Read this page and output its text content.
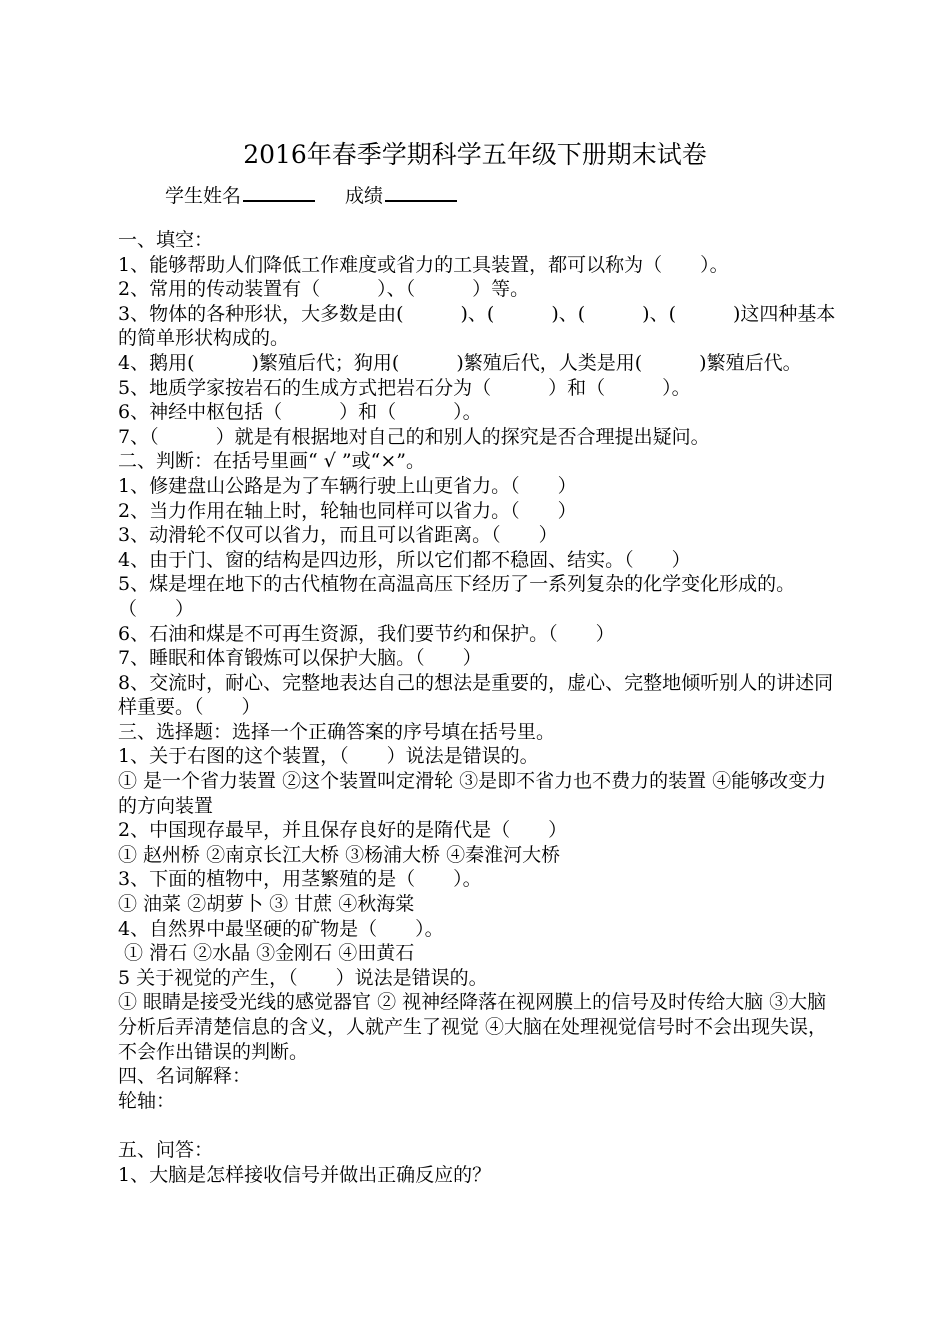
2016年春季学期科学五年级下册期末试卷
学生姓名	成绩
一、填空：
1、能够帮助人们降低工作难度或省力的工具装置，都可以称为（　　）。
2、常用的传动装置有（　　　）、（　　　）等。
3、物体的各种形状，大多数是由(　　　)、(　　　)、(　　　)、(　　　)这四种基本的简单形状构成的。
4、鹅用(　　　)繁殖后代；狗用(　　　)繁殖后代，人类是用(　　　)繁殖后代。
5、地质学家按岩石的生成方式把岩石分为（　　　）和（　　　）。
6、神经中枢包括（　　　）和（　　　）。
7、（　　　）就是有根据地对自己的和别人的探究是否合理提出疑问。
二、判断：在括号里画“ √ ”或“×”。
1、修建盘山公路是为了车辆行驶上山更省力。（　　）
2、当力作用在轴上时，轮轴也同样可以省力。（　　）
3、动滑轮不仅可以省力，而且可以省距离。（　　）
4、由于门、窗的结构是四边形，所以它们都不稳固、结实。（　　）
5、煤是埋在地下的古代植物在高温高压下经历了一系列复杂的化学变化形成的。（　　）
6、石油和煤是不可再生资源，我们要节约和保护。（　　）
7、睡眠和体育锻炼可以保护大脑。（　　）
8、交流时，耐心、完整地表达自己的想法是重要的，虚心、完整地倾听别人的讲述同样重要。（　　）
三、选择题：选择一个正确答案的序号填在括号里。
1、关于右图的这个装置，（　　）说法是错误的。
① 是一个省力装置 ②这个装置叫定滑轮 ③是即不省力也不费力的装置 ④能够改变力的方向装置
2、中国现存最早，并且保存良好的是隋代是（　　）
① 赵州桥 ②南京长江大桥 ③杨浦大桥 ④秦淮河大桥
3、下面的植物中，用茎繁殖的是（　　）。
① 油菜 ②胡萝卜 ③ 甘蔗 ④秋海棠
4、自然界中最坚硬的矿物是（　　）。
① 滑石 ②水晶 ③金刚石 ④田黄石
5 关于视觉的产生，（　　）说法是错误的。
① 眼睛是接受光线的感觉器官 ② 视神经降落在视网膜上的信号及时传给大脑 ③大脑分析后弄清楚信息的含义，人就产生了视觉 ④大脑在处理视觉信号时不会出现失误，不会作出错误的判断。
四、名词解释：
轮轴：
五、问答：
1、大脑是怎样接收信号并做出正确反应的？
